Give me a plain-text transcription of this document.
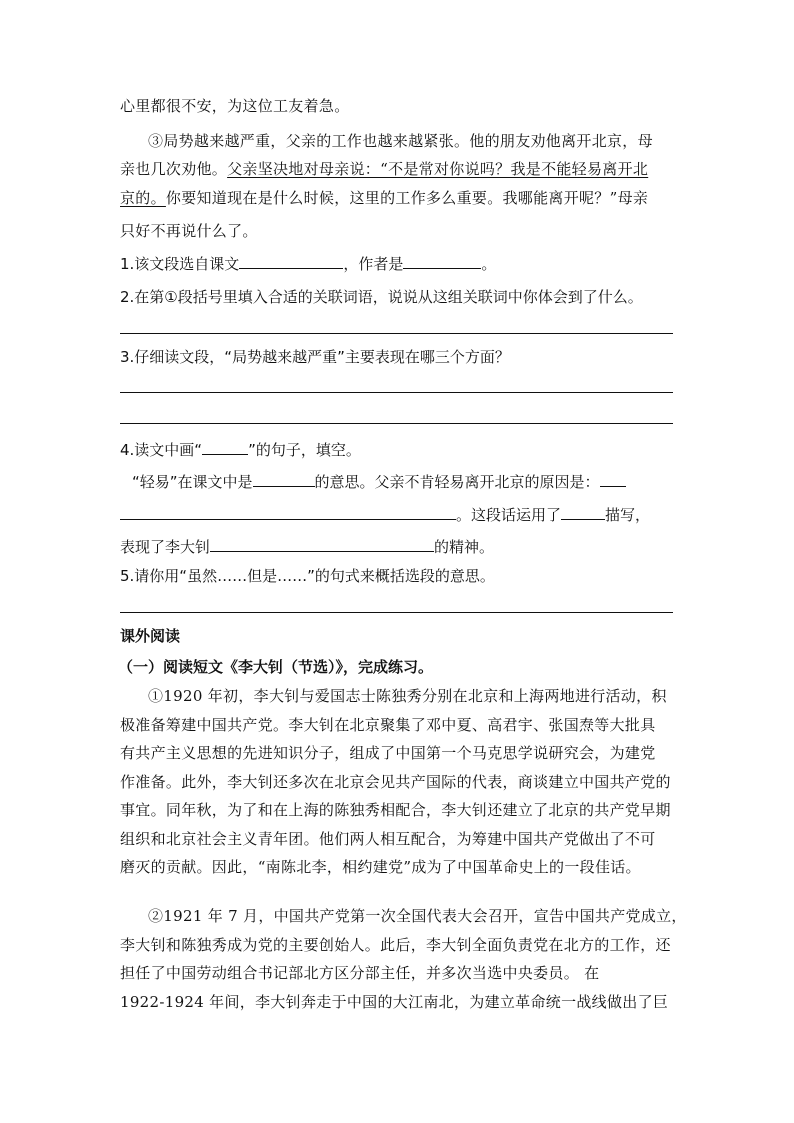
心里都很不安，为这位工友着急。
③局势越来越严重，父亲的工作也越来越紧张。他的朋友劝他离开北京，母
亲也几次劝他。父亲坚决地对母亲说：“不是常对你说吗？我是不能轻易离开北
京的。你要知道现在是什么时候，这里的工作多么重要。我哪能离开呢？”母亲
只好不再说什么了。
1.该文段选自课文	，作者是	。
2.在第①段括号里填入合适的关联词语，说说从这组关联词中你体会到了什么。
3.仔细读文段，“局势越来越严重”主要表现在哪三个方面？
4.读文中画“	”的句子，填空。
“轻易”在课文中是	的意思。父亲不肯轻易离开北京的原因是：
。这段话运用了	描写，
表现了李大钊	的精神。
5.请你用“虽然……但是……”的句式来概括选段的意思。
课外阅读
（一）阅读短文《李大钊（节选）》，完成练习。
①1920 年初，李大钊与爱国志士陈独秀分别在北京和上海两地进行活动，积
极准备筹建中国共产党。李大钊在北京聚集了邓中夏、高君宇、张国焘等大批具
有共产主义思想的先进知识分子，组成了中国第一个马克思学说研究会，为建党
作准备。此外，李大钊还多次在北京会见共产国际的代表，商谈建立中国共产党的
事宜。同年秋，为了和在上海的陈独秀相配合，李大钊还建立了北京的共产党早期
组织和北京社会主义青年团。他们两人相互配合，为筹建中国共产党做出了不可
磨灭的贡献。因此，“南陈北李，相约建党”成为了中国革命史上的一段佳话。
②1921 年 7 月，中国共产党第一次全国代表大会召开，宣告中国共产党成立，
李大钊和陈独秀成为党的主要创始人。此后，李大钊全面负责党在北方的工作，还
担任了中国劳动组合书记部北方区分部主任，并多次当选中央委员。 在
1922-1924 年间，李大钊奔走于中国的大江南北，为建立革命统一战线做出了巨
